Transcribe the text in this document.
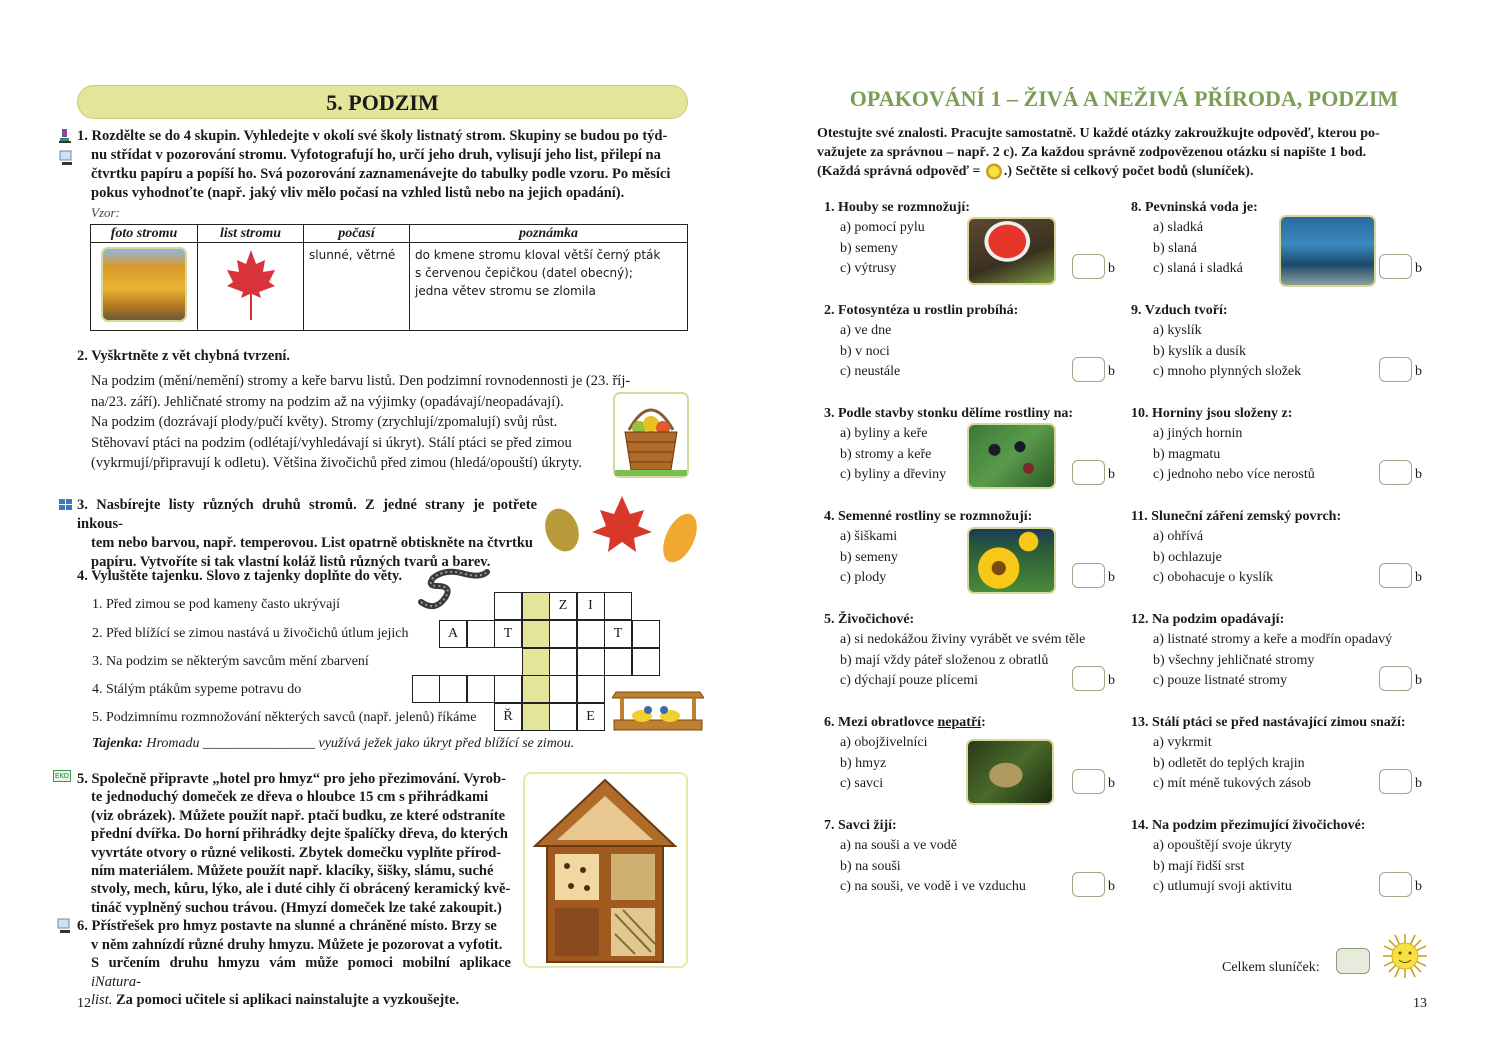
5. PODZIM
1. Rozdělte se do 4 skupin. Vyhledejte v okolí své školy listnatý strom. Skupiny se budou po týd-
nu střídat v pozorování stromu. Vyfotografují ho, určí jeho druh, vylisují jeho list, přilepí na
čtvrtku papíru a popíší ho. Svá pozorování zaznamenávejte do tabulky podle vzoru. Po měsíci
pokus vyhodnoťte (např. jaký vliv mělo počasí na vzhled listů nebo na jejich opadání).
Vzor:
foto stromu	list stromu	počasí	poznámka

		slunné, větrné	do kmene stromu kloval větší černý pták
s červenou čepičkou (datel obecný);
jedna větev stromu se zlomila
2. Vyškrtněte z vět chybná tvrzení.
Na podzim (mění/nemění) stromy a keře barvu listů. Den podzimní rovnodennosti je (23. říj-
na/23. září). Jehličnaté stromy na podzim až na výjimky (opadávají/neopadávají).
Na podzim (dozrávají plody/pučí květy). Stromy (zrychlují/zpomalují) svůj růst.
Stěhovaví ptáci na podzim (odlétají/vyhledávají si úkryt). Stálí ptáci se před zimou
(vykrmují/připravují k odletu). Většina živočichů před zimou (hledá/opouští) úkryty.
3. Nasbírejte listy různých druhů stromů. Z jedné strany je potřete inkous-
tem nebo barvou, např. temperovou. List opatrně obtiskněte na čtvrtku
papíru. Vytvoříte si tak vlastní koláž listů různých tvarů a barev.
4. Vyluštěte tajenku. Slovo z tajenky doplňte do věty.
1. Před zimou se pod kameny často ukrývají
2. Před blížící se zimou nastává u živočichů útlum jejich
3. Na podzim se některým savcům mění zbarvení
4. Stálým ptákům sypeme potravu do
5. Podzimnímu rozmnožování některých savců (např. jelenů) říkáme
Z	I
A	T	T
Ř	E
Tajenka: Hromadu ________________ využívá ježek jako úkryt před blížící se zimou.
EKO 5. Společně připravte „hotel pro hmyz“ pro jeho přezimování. Vyrob-
te jednoduchý domeček ze dřeva o hloubce 15 cm s přihrádkami
(viz obrázek). Můžete použít např. ptačí budku, ze které odstraníte
přední dvířka. Do horní přihrádky dejte špalíčky dřeva, do kterých
vyvrtáte otvory o různé velikosti. Zbytek domečku vyplňte přírod-
ním materiálem. Můžete použít např. klacíky, šišky, slámu, suché
stvoly, mech, kůru, lýko, ale i duté cihly či obrácený keramický kvě-
tináč vyplněný suchou trávou. (Hmyzí domeček lze také zakoupit.)
6. Přístřešek pro hmyz postavte na slunné a chráněné místo. Brzy se
v něm zahnízdí různé druhy hmyzu. Můžete je pozorovat a vyfotit.
S určením druhu hmyzu vám může pomoci mobilní aplikace iNatura-
list. Za pomoci učitele si aplikaci nainstalujte a vyzkoušejte.
12
OPAKOVÁNÍ 1 – ŽIVÁ A NEŽIVÁ PŘÍRODA, PODZIM
Otestujte své znalosti. Pracujte samostatně. U každé otázky zakroužkujte odpověď, kterou po-
važujete za správnou – např. 2 c). Za každou správně zodpovězenou otázku si napište 1 bod.
(Každá správná odpověď = .) Sečtěte si celkový počet bodů (sluníček).
1. Houby se rozmnožují:
a) pomocí pylu
b) semeny
c) výtrusy	b
2. Fotosyntéza u rostlin probíhá:
a) ve dne
b) v noci
c) neustále	b
3. Podle stavby stonku dělíme rostliny na:
a) byliny a keře
b) stromy a keře
c) byliny a dřeviny	b
4. Semenné rostliny se rozmnožují:
a) šiškami
b) semeny
c) plody	b
5. Živočichové:
a) si nedokážou živiny vyrábět ve svém těle
b) mají vždy páteř složenou z obratlů
c) dýchají pouze plícemi	b
6. Mezi obratlovce nepatří:
a) obojživelníci
b) hmyz
c) savci	b
7. Savci žijí:
a) na souši a ve vodě
b) na souši
c) na souši, ve vodě i ve vzduchu	b
8. Pevninská voda je:
a) sladká
b) slaná
c) slaná i sladká	b
9. Vzduch tvoří:
a) kyslík
b) kyslík a dusík
c) mnoho plynných složek	b
10. Horniny jsou složeny z:
a) jiných hornin
b) magmatu
c) jednoho nebo více nerostů	b
11. Sluneční záření zemský povrch:
a) ohřívá
b) ochlazuje
c) obohacuje o kyslík	b
12. Na podzim opadávají:
a) listnaté stromy a keře a modřín opadavý
b) všechny jehličnaté stromy
c) pouze listnaté stromy	b
13. Stálí ptáci se před nastávající zimou snaží:
a) vykrmit
b) odletět do teplých krajin
c) mít méně tukových zásob	b
14. Na podzim přezimující živočichové:
a) opouštějí svoje úkryty
b) mají řidší srst
c) utlumují svoji aktivitu	b
Celkem sluníček:
13
